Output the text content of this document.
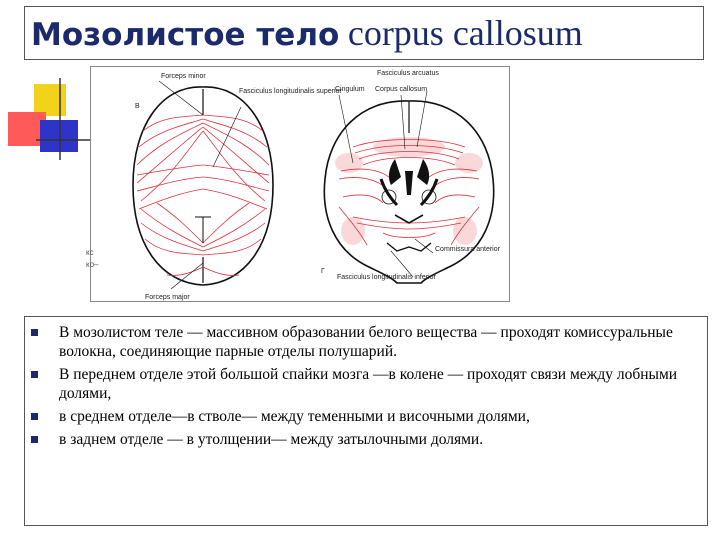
Мозолистое тело corpus callosum
Forceps minor
Fasciculus longitudinalis superior
В
Forceps major
Fasciculus arcuatus
Cingulum Corpus callosum
Commissura anterior
Fasciculus longitudinalis inferior
Г
кс
ко–
В мозолистом теле — массивном образовании белого вещества — проходят комиссуральные волокна, соединяющие парные отделы полушарий.
В переднем отделе этой большой спайки мозга —в колене — проходят связи между лобными долями,
в среднем отделе—в стволе— между теменными и височными долями,
в заднем отделе — в утолщении— между затылочными долями.
